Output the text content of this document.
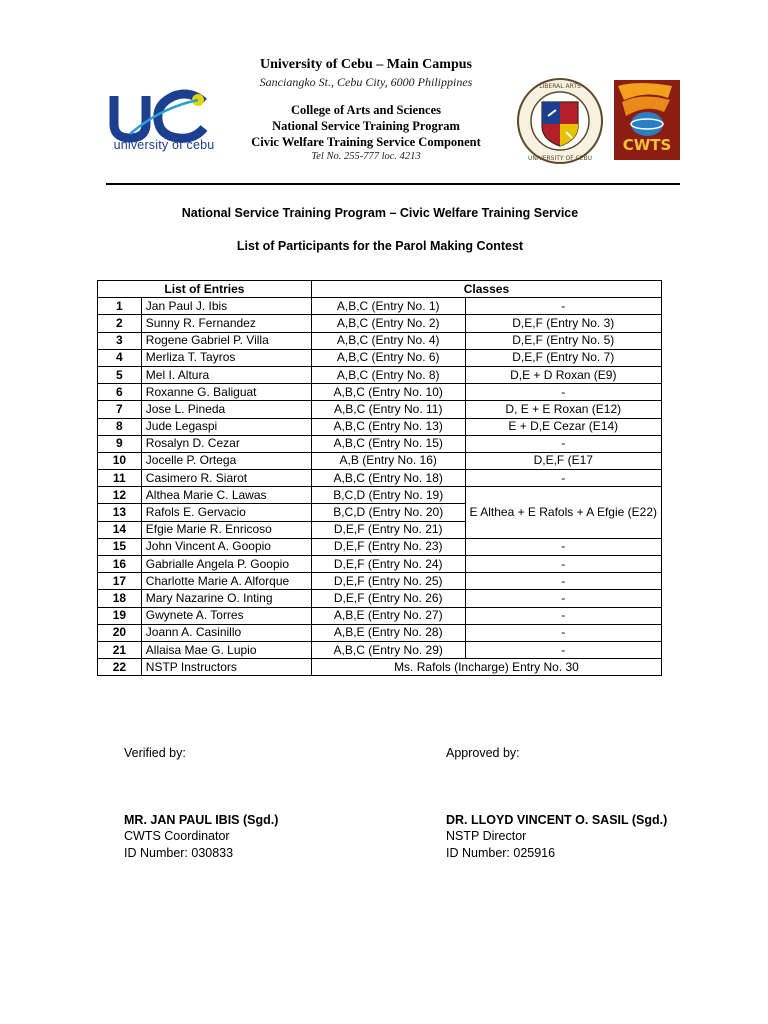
university of cebu
University of Cebu – Main Campus
Sanciangko St., Cebu City, 6000 Philippines
College of Arts and Sciences
National Service Training Program
Civic Welfare Training Service Component
Tel No. 255-777 loc. 4213
· LIBERAL ARTS ·
UNIVERSITY OF CEBU
CWTS
National Service Training Program – Civic Welfare Training Service
List of Participants for the Parol Making Contest
List of Entries		Classes	
1	Jan Paul J. Ibis	A,B,C (Entry No. 1)	-
2	Sunny R. Fernandez	A,B,C (Entry No. 2)	D,E,F (Entry No. 3)
3	Rogene Gabriel P. Villa	A,B,C (Entry No. 4)	D,E,F (Entry No. 5)
4	Merliza T. Tayros	A,B,C (Entry No. 6)	D,E,F (Entry No. 7)
5	Mel I. Altura	A,B,C (Entry No. 8)	D,E + D Roxan (E9)
6	Roxanne G. Baliguat	A,B,C (Entry No. 10)	-
7	Jose L. Pineda	A,B,C (Entry No. 11)	D, E + E Roxan (E12)
8	Jude Legaspi	A,B,C (Entry No. 13)	E + D,E Cezar (E14)
9	Rosalyn D. Cezar	A,B,C (Entry No. 15)	-
10	Jocelle P. Ortega	A,B (Entry No. 16)	D,E,F (E17
11	Casimero R. Siarot	A,B,C (Entry No. 18)	-
12	Althea Marie C. Lawas	B,C,D (Entry No. 19)	E Althea + E Rafols + A Efgie (E22)
13	Rafols E. Gervacio	B,C,D (Entry No. 20)	
14	Efgie Marie R. Enricoso	D,E,F (Entry No. 21)	
15	John Vincent A. Goopio	D,E,F (Entry No. 23)	-
16	Gabrialle Angela P. Goopio	D,E,F (Entry No. 24)	-
17	Charlotte Marie A. Alforque	D,E,F (Entry No. 25)	-
18	Mary Nazarine O. Inting	D,E,F (Entry No. 26)	-
19	Gwynete A. Torres	A,B,E (Entry No. 27)	-
20	Joann A. Casinillo	A,B,E (Entry No. 28)	-
21	Allaisa Mae G. Lupio	A,B,C (Entry No. 29)	-
22	NSTP Instructors	Ms. Rafols (Incharge) Entry No. 30	
Verified by:
MR. JAN PAUL IBIS (Sgd.)
CWTS Coordinator
ID Number: 030833
Approved by:
DR. LLOYD VINCENT O. SASIL (Sgd.)
NSTP Director
ID Number: 025916
